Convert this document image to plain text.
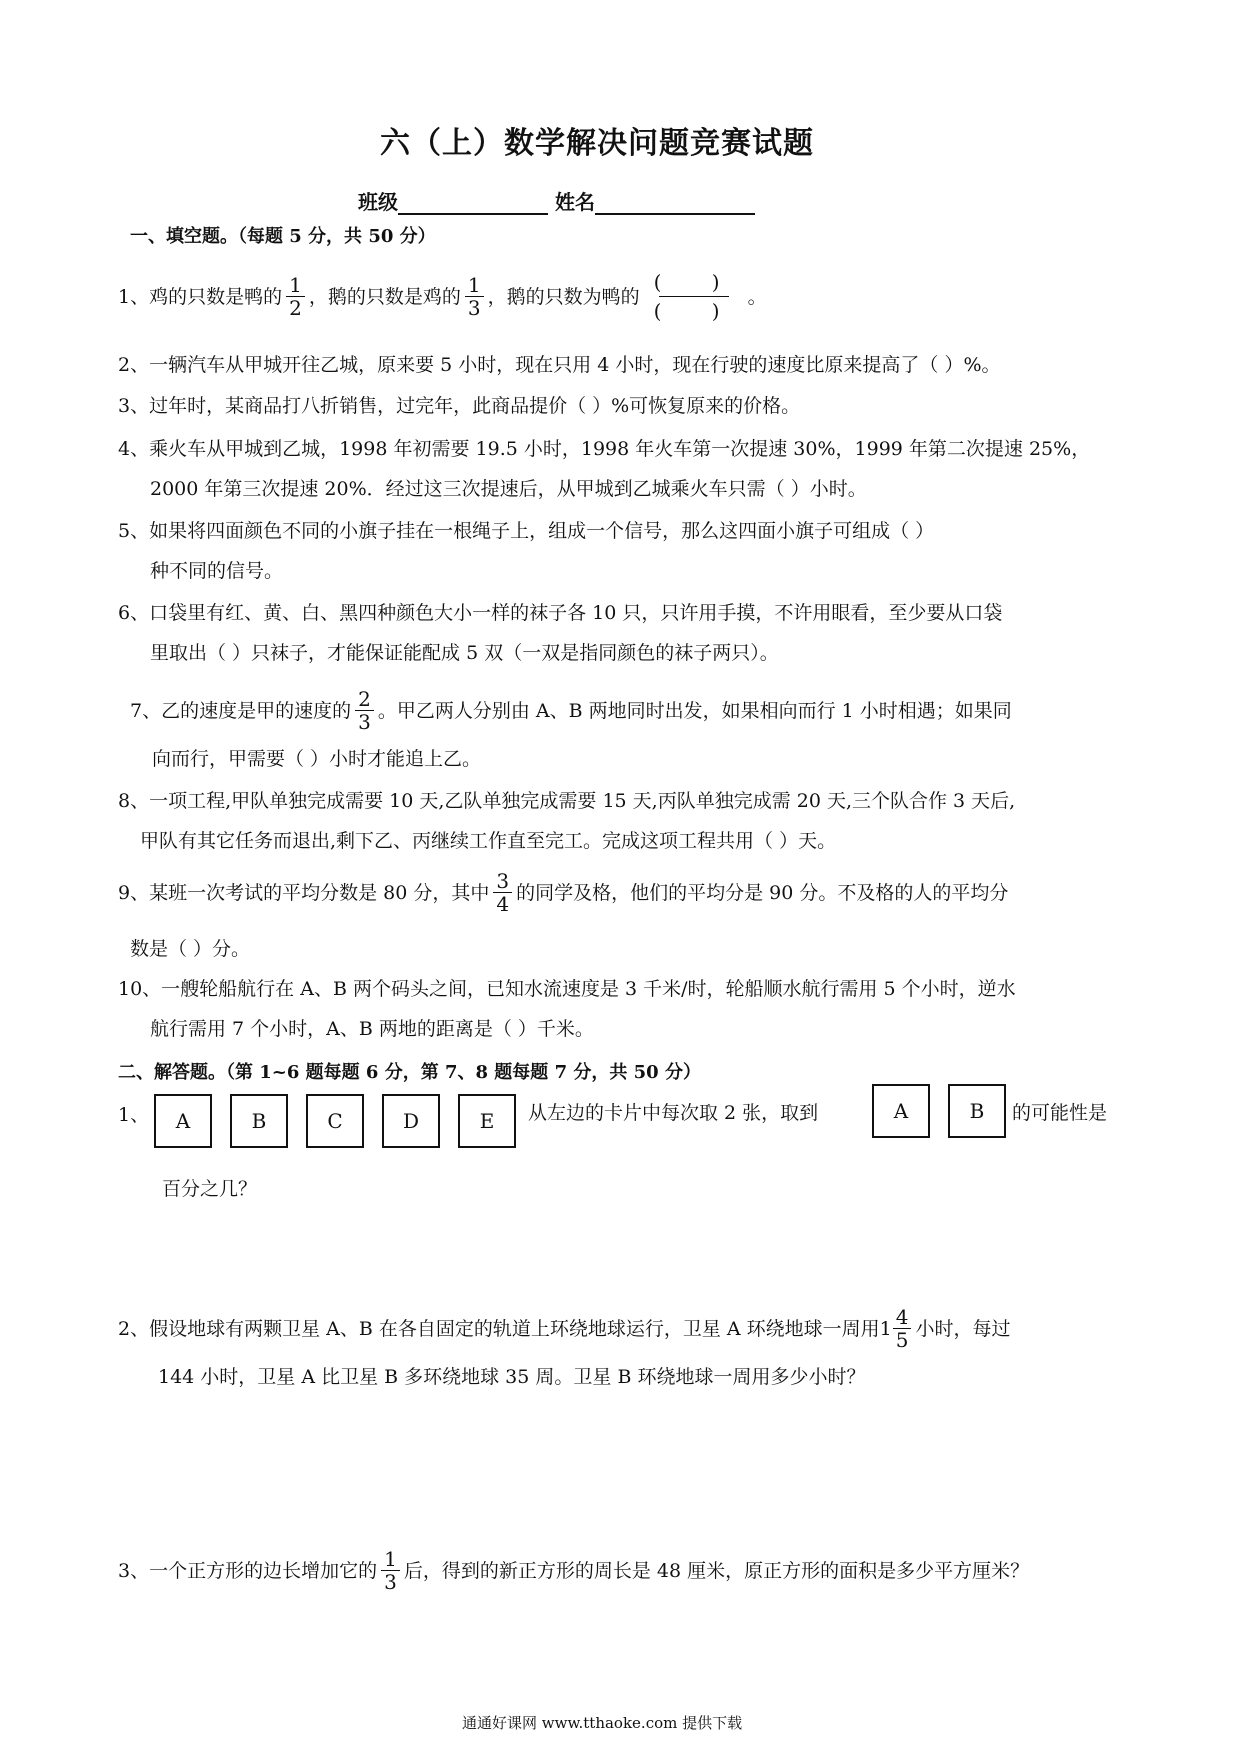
六（上）数学解决问题竞赛试题
班级	姓名
一、填空题。（每题 5 分，共 50 分）
1、鸡的只数是鸭的 $\frac{1}{2}$ ，鹅的只数是鸡的 $\frac{1}{3}$ ，鹅的只数为鸭的
( )
( )
。
2、一辆汽车从甲城开往乙城，原来要 5 小时，现在只用 4 小时，现在行驶的速度比原来提高了（ ）%。
3、过年时，某商品打八折销售，过完年，此商品提价（ ）%可恢复原来的价格。
4、乘火车从甲城到乙城，1998 年初需要 19.5 小时，1998 年火车第一次提速 30%，1999 年第二次提速 25%，
2000 年第三次提速 20%．经过这三次提速后，从甲城到乙城乘火车只需（ ）小时。
5、如果将四面颜色不同的小旗子挂在一根绳子上，组成一个信号，那么这四面小旗子可组成（ ）
种不同的信号。
6、口袋里有红、黄、白、黑四种颜色大小一样的袜子各 10 只，只许用手摸，不许用眼看，至少要从口袋
里取出（ ）只袜子，才能保证能配成 5 双（一双是指同颜色的袜子两只）。
7、乙的速度是甲的速度的 $\frac{2}{3}$ 。甲乙两人分别由 A、B 两地同时出发，如果相向而行 1 小时相遇；如果同
向而行，甲需要（ ）小时才能追上乙。
8、一项工程,甲队单独完成需要 10 天,乙队单独完成需要 15 天,丙队单独完成需 20 天,三个队合作 3 天后,
甲队有其它任务而退出,剩下乙、丙继续工作直至完工。完成这项工程共用（ ）天。
9、某班一次考试的平均分数是 80 分，其中 $\frac{3}{4}$ 的同学及格，他们的平均分是 90 分。不及格的人的平均分
数是（ ）分。
10、一艘轮船航行在 A、B 两个码头之间，已知水流速度是 3 千米/时，轮船顺水航行需用 5 个小时，逆水
航行需用 7 个小时，A、B 两地的距离是（ ）千米。
二、解答题。（第 1~6 题每题 6 分，第 7、8 题每题 7 分，共 50 分）
1、 A	B	C	D	E 从左边的卡片中每次取 2 张，取到	A	B 的可能性是
百分之几？
2、假设地球有两颗卫星 A、B 在各自固定的轨道上环绕地球运行，卫星 A 环绕地球一周用 $1 \frac{4}{5}$ 小时，每过
144 小时，卫星 A 比卫星 B 多环绕地球 35 周。卫星 B 环绕地球一周用多少小时？
3、一个正方形的边长增加它的 $\frac{1}{3}$ 后，得到的新正方形的周长是 48 厘米，原正方形的面积是多少平方厘米？
通通好课网 www.tthaoke.com 提供下载
